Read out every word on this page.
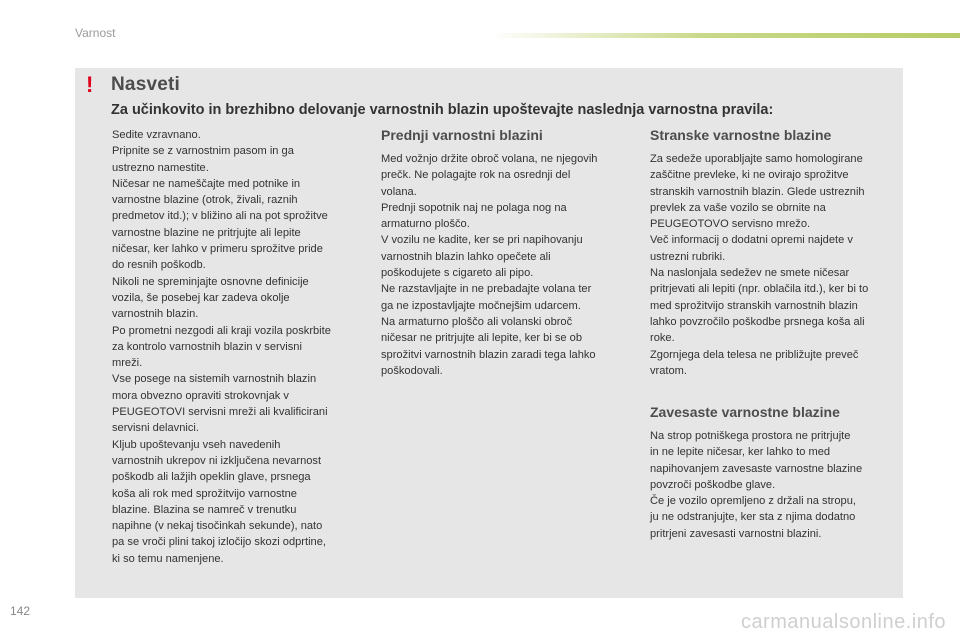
Varnost
! Nasveti
Za učinkovito in brezhibno delovanje varnostnih blazin upoštevajte naslednja varnostna pravila:

Sedite vzravnano.

Pripnite se z varnostnim pasom in ga

ustrezno namestite.

Ničesar ne nameščajte med potnike in

varnostne blazine (otrok, živali, raznih

predmetov itd.); v bližino ali na pot sprožitve

varnostne blazine ne pritrjujte ali lepite

ničesar, ker lahko v primeru sprožitve pride

do resnih poškodb.

Nikoli ne spreminjajte osnovne definicije

vozila, še posebej kar zadeva okolje

varnostnih blazin.

Po prometni nezgodi ali kraji vozila poskrbite

za kontrolo varnostnih blazin v servisni

mreži.

Vse posege na sistemih varnostnih blazin

mora obvezno opraviti strokovnjak v

PEUGEOTOVI servisni mreži ali kvalificirani

servisni delavnici.

Kljub upoštevanju vseh navedenih

varnostnih ukrepov ni izključena nevarnost

poškodb ali lažjih opeklin glave, prsnega

koša ali rok med sprožitvijo varnostne

blazine. Blazina se namreč v trenutku

napihne (v nekaj tisočinkah sekunde), nato

pa se vroči plini takoj izločijo skozi odprtine,

ki so temu namenjene.

Prednji varnostni blazini

Med vožnjo držite obroč volana, ne njegovih

prečk. Ne polagajte rok na osrednji del

volana.

Prednji sopotnik naj ne polaga nog na

armaturno ploščo.

V vozilu ne kadite, ker se pri napihovanju

varnostnih blazin lahko opečete ali

poškodujete s cigareto ali pipo.

Ne razstavljajte in ne prebadajte volana ter

ga ne izpostavljajte močnejšim udarcem.

Na armaturno ploščo ali volanski obroč

ničesar ne pritrjujte ali lepite, ker bi se ob

sprožitvi varnostnih blazin zaradi tega lahko

poškodovali.

Stranske varnostne blazine

Za sedeže uporabljajte samo homologirane

zaščitne prevleke, ki ne ovirajo sprožitve

stranskih varnostnih blazin. Glede ustreznih

prevlek za vaše vozilo se obrnite na

PEUGEOTOVO servisno mrežo.

Več informacij o dodatni opremi najdete v

ustrezni rubriki.

Na naslonjala sedežev ne smete ničesar

pritrjevati ali lepiti (npr. oblačila itd.), ker bi to

med sprožitvijo stranskih varnostnih blazin

lahko povzročilo poškodbe prsnega koša ali

roke.

Zgornjega dela telesa ne približujte preveč

vratom.

Zavesaste varnostne blazine

Na strop potniškega prostora ne pritrjujte

in ne lepite ničesar, ker lahko to med

napihovanjem zavesaste varnostne blazine

povzroči poškodbe glave.

Če je vozilo opremljeno z držali na stropu,

ju ne odstranjujte, ker sta z njima dodatno

pritrjeni zavesasti varnostni blazini.

142	carmanualsonline.info
